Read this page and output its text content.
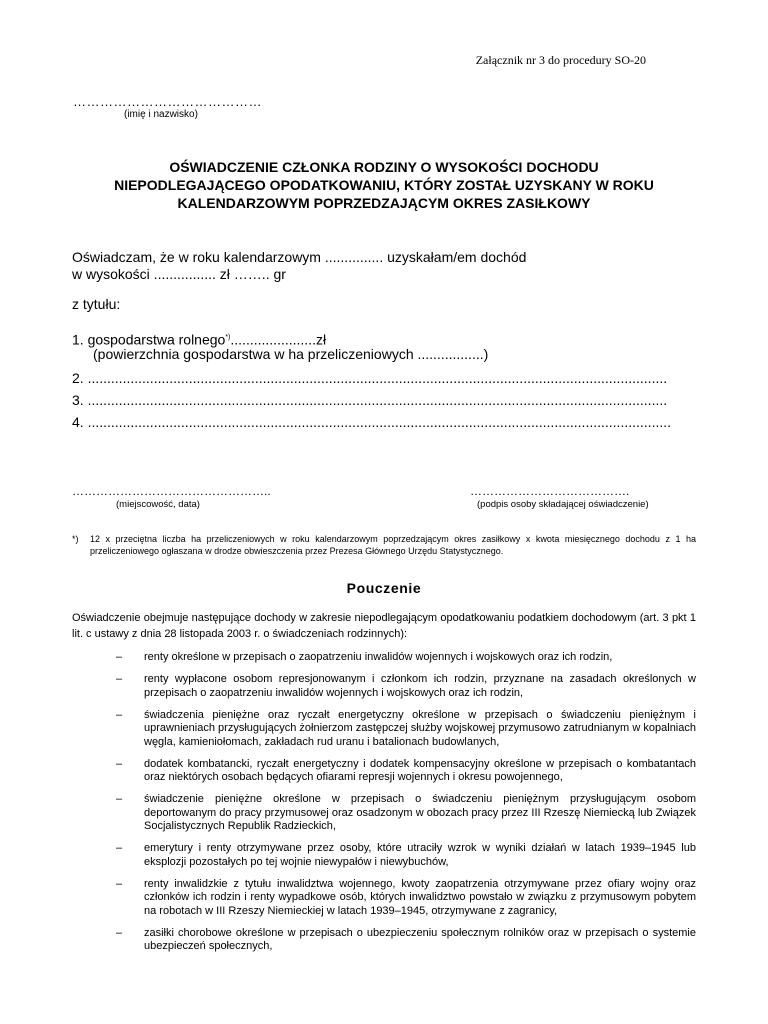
Załącznik nr 3 do procedury SO-20
……………………………………
(imię i nazwisko)
OŚWIADCZENIE CZŁONKA RODZINY O WYSOKOŚCI DOCHODU
NIEPODLEGAJĄCEGO OPODATKOWANIU, KTÓRY ZOSTAŁ UZYSKANY W ROKU
KALENDARZOWYM POPRZEDZAJĄCYM OKRES ZASIŁKOWY
Oświadczam, że w roku kalendarzowym ............... uzyskałam/em dochód
w wysokości ................ zł …….. gr
z tytułu:
1. gospodarstwa rolnego*)......................zł
(powierzchnia gospodarstwa w ha przeliczeniowych .................)
2. .....................................................................................................................................................
3. .....................................................................................................................................................
4. ......................................................................................................................................................
…………………………………………..
(miejscowość, data)
………………………………….
(podpis osoby składającej oświadczenie)
*)	12 x przeciętna liczba ha przeliczeniowych w roku kalendarzowym poprzedzającym okres zasiłkowy x kwota miesięcznego dochodu z 1 ha przeliczeniowego ogłaszana w drodze obwieszczenia przez Prezesa Głównego Urzędu Statystycznego.
Pouczenie
Oświadczenie obejmuje następujące dochody w zakresie niepodlegającym opodatkowaniu podatkiem dochodowym (art. 3 pkt 1 lit. c ustawy z dnia 28 listopada 2003 r. o świadczeniach rodzinnych):
– renty określone w przepisach o zaopatrzeniu inwalidów wojennych i wojskowych oraz ich rodzin,
– renty wypłacone osobom represjonowanym i członkom ich rodzin, przyznane na zasadach określonych w przepisach o zaopatrzeniu inwalidów wojennych i wojskowych oraz ich rodzin,
– świadczenia pieniężne oraz ryczałt energetyczny określone w przepisach o świadczeniu pieniężnym i uprawnieniach przysługujących żołnierzom zastępczej służby wojskowej przymusowo zatrudnianym w kopalniach węgla, kamieniołomach, zakładach rud uranu i batalionach budowlanych,
– dodatek kombatancki, ryczałt energetyczny i dodatek kompensacyjny określone w przepisach o kombatantach oraz niektórych osobach będących ofiarami represji wojennych i okresu powojennego,
– świadczenie pieniężne określone w przepisach o świadczeniu pieniężnym przysługującym osobom deportowanym do pracy przymusowej oraz osadzonym w obozach pracy przez III Rzeszę Niemiecką lub Związek Socjalistycznych Republik Radzieckich,
– emerytury i renty otrzymywane przez osoby, które utraciły wzrok w wyniki działań w latach 1939–1945 lub eksplozji pozostałych po tej wojnie niewypałów i niewybuchów,
– renty inwalidzkie z tytułu inwalidztwa wojennego, kwoty zaopatrzenia otrzymywane przez ofiary wojny oraz członków ich rodzin i renty wypadkowe osób, których inwalidztwo powstało w związku z przymusowym pobytem na robotach w III Rzeszy Niemieckiej w latach 1939–1945, otrzymywane z zagranicy,
– zasiłki chorobowe określone w przepisach o ubezpieczeniu społecznym rolników oraz w przepisach o systemie ubezpieczeń społecznych,
